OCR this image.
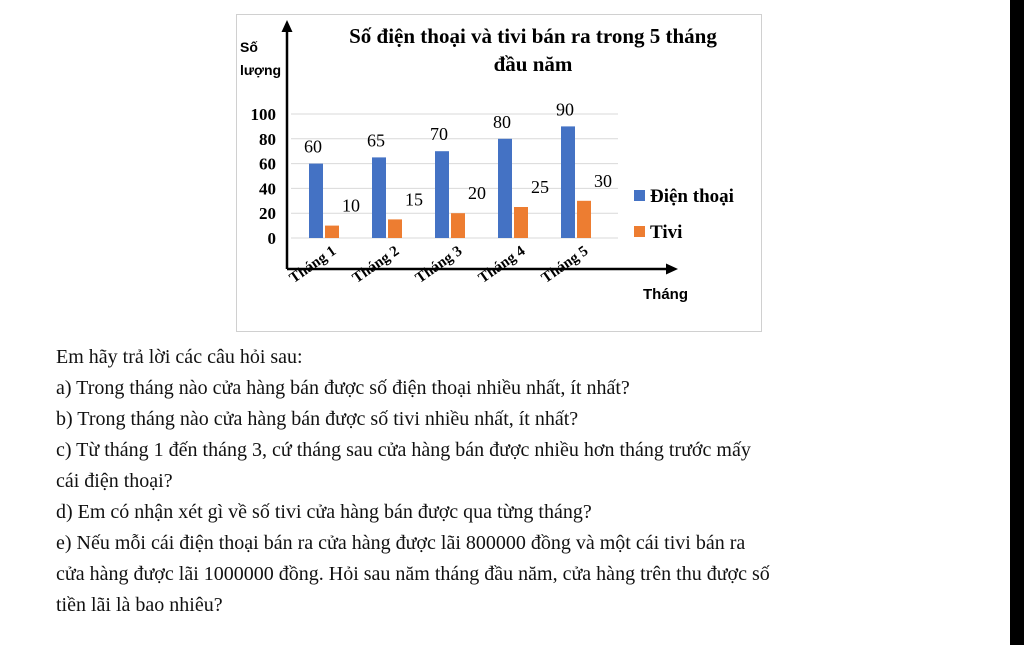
0
20
40
60
80
100
60
10
65
15
70
20
80
25
90
30
Tháng 1 Tháng 2 Tháng 3 Tháng 4 Tháng 5
Số điện thoại và tivi bán ra trong 5 tháng
đầu năm
Số
lượng
Tháng
Điện thoại
Tivi

Em hãy trả lời các câu hỏi sau:

a) Trong tháng nào cửa hàng bán được số điện thoại nhiều nhất, ít nhất?

b) Trong tháng nào cửa hàng bán được số tivi nhiều nhất, ít nhất?

c) Từ tháng 1 đến tháng 3, cứ tháng sau cửa hàng bán được nhiều hơn tháng trước mấy

cái điện thoại?

d) Em có nhận xét gì về số tivi cửa hàng bán được qua từng tháng?

e) Nếu mỗi cái điện thoại bán ra cửa hàng được lãi 800000 đồng và một cái tivi bán ra

cửa hàng được lãi 1000000 đồng. Hỏi sau năm tháng đầu năm, cửa hàng trên thu được số

tiền lãi là bao nhiêu?
